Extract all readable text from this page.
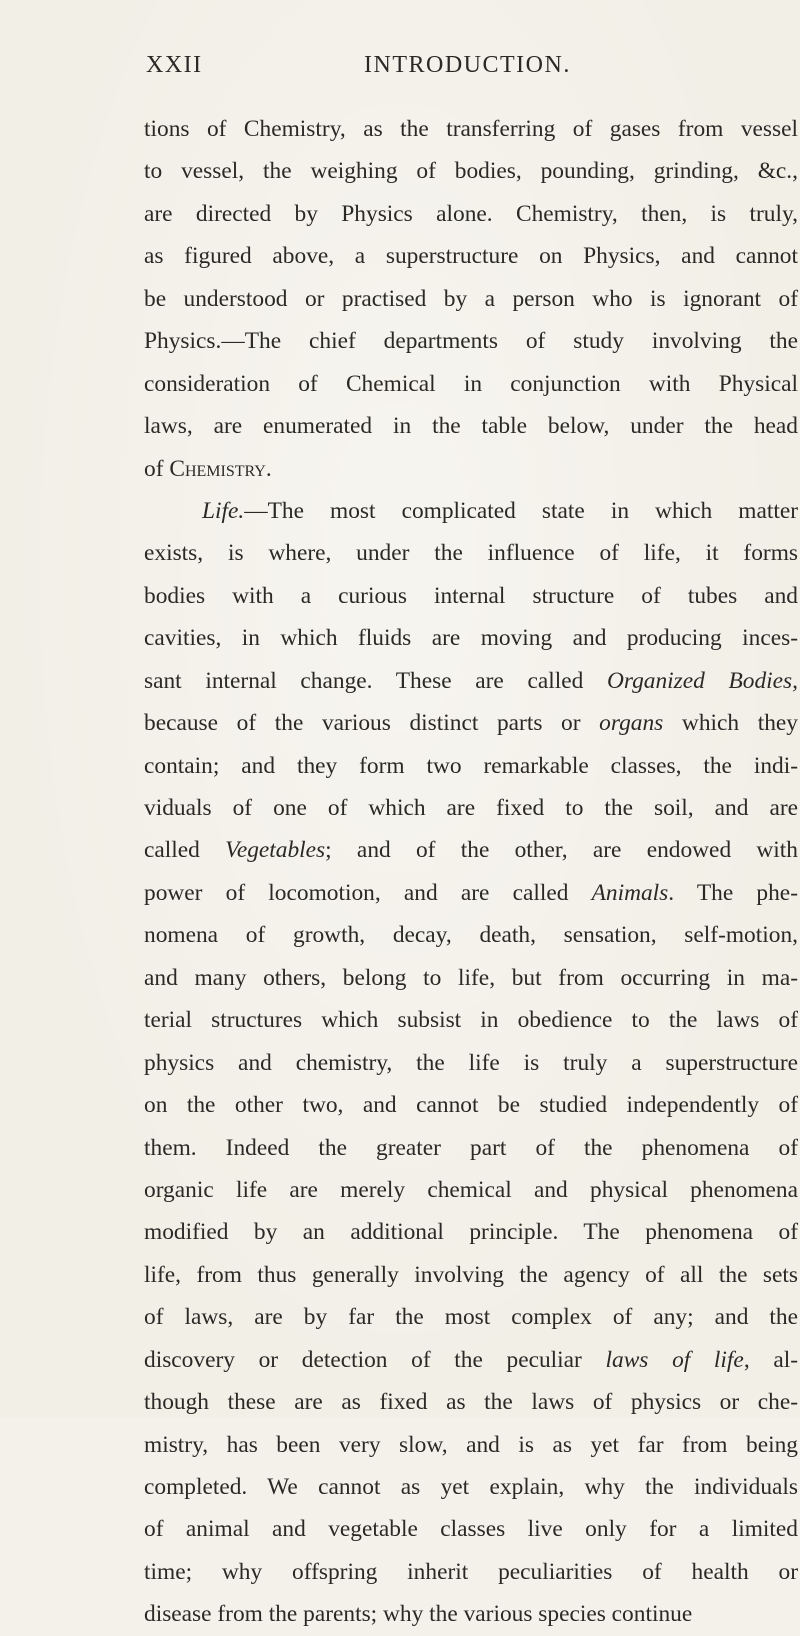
XXII	INTRODUCTION.
tions of Chemistry, as the transferring of gases from vessel
to vessel, the weighing of bodies, pounding, grinding, &c.,
are directed by Physics alone. Chemistry, then, is truly,
as figured above, a superstructure on Physics, and cannot
be understood or practised by a person who is ignorant of
Physics.—The chief departments of study involving the
consideration of Chemical in conjunction with Physical
laws, are enumerated in the table below, under the head
of Chemistry.
Life.—The most complicated state in which matter
exists, is where, under the influence of life, it forms
bodies with a curious internal structure of tubes and
cavities, in which fluids are moving and producing inces-
sant internal change. These are called Organized Bodies,
because of the various distinct parts or organs which they
contain; and they form two remarkable classes, the indi-
viduals of one of which are fixed to the soil, and are
called Vegetables; and of the other, are endowed with
power of locomotion, and are called Animals. The phe-
nomena of growth, decay, death, sensation, self-motion,
and many others, belong to life, but from occurring in ma-
terial structures which subsist in obedience to the laws of
physics and chemistry, the life is truly a superstructure
on the other two, and cannot be studied independently of
them. Indeed the greater part of the phenomena of
organic life are merely chemical and physical phenomena
modified by an additional principle. The phenomena of
life, from thus generally involving the agency of all the sets
of laws, are by far the most complex of any; and the
discovery or detection of the peculiar laws of life, al-
though these are as fixed as the laws of physics or che-
mistry, has been very slow, and is as yet far from being
completed. We cannot as yet explain, why the individuals
of animal and vegetable classes live only for a limited
time; why offspring inherit peculiarities of health or
disease from the parents; why the various species continue
